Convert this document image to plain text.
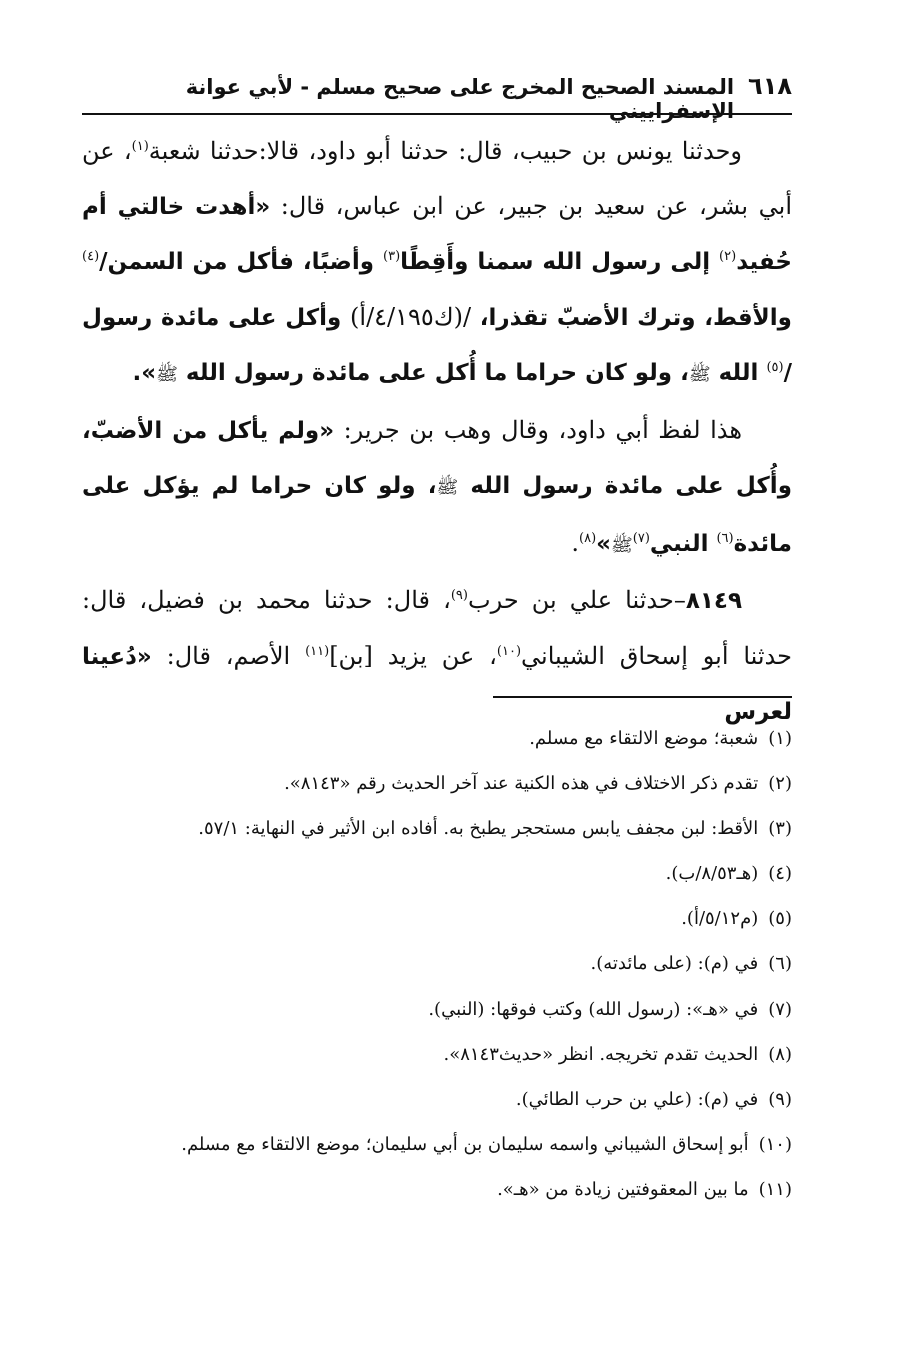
٦١٨
المسند الصحيح المخرج على صحيح مسلم - لأبي عوانة الإسفراييني

وحدثنا يونس بن حبيب، قال: حدثنا أبو داود، قالا:حدثنا شعبة$^{(١)}$، عن أبي بشر، عن سعيد بن جبير، عن ابن عباس، قال: «أهدت خالتي أم حُفيد$^{(٢)}$ إلى رسول الله سمنا وأَقِطًا$^{(٣)}$ وأضبًا، فأكل من السمن/$^{(٤)}$ والأقط، وترك الأضبّ تقذرا، /(ك٤/١٩٥/أ) وأكل على مائدة رسول /$^{(٥)}$ الله ﷺ، ولو كان حراما ما أُكل على مائدة رسول الله ﷺ».

هذا لفظ أبي داود، وقال وهب بن جرير: «ولم يأكل من الأضبّ، وأُكل على مائدة رسول الله ﷺ، ولو كان حراما لم يؤكل على مائدة$^{(٦)}$ النبي$^{(٧)}$ﷺ»$^{(٨)}$.

٨١٤٩–حدثنا علي بن حرب$^{(٩)}$، قال: حدثنا محمد بن فضيل، قال: حدثنا أبو إسحاق الشيباني$^{(١٠)}$، عن يزيد [بن]$^{(١١)}$ الأصم، قال: «دُعينا لعرس

(١)شعبة؛ موضع الالتقاء مع مسلم.
(٢)تقدم ذكر الاختلاف في هذه الكنية عند آخر الحديث رقم «٨١٤٣».
(٣)الأقط: لبن مجفف يابس مستحجر يطبخ به. أفاده ابن الأثير في النهاية: ٥٧/١.
(٤)(هـ٨/٥٣/ب).
(٥)(م٥/١٢/أ).
(٦)في (م): (على مائدته).
(٧)في «هـ»: (رسول الله) وكتب فوقها: (النبي).
(٨)الحديث تقدم تخريجه. انظر «حديث٨١٤٣».
(٩)في (م): (علي بن حرب الطائي).
(١٠)أبو إسحاق الشيباني واسمه سليمان بن أبي سليمان؛ موضع الالتقاء مع مسلم.
(١١)ما بين المعقوفتين زيادة من «هـ».
